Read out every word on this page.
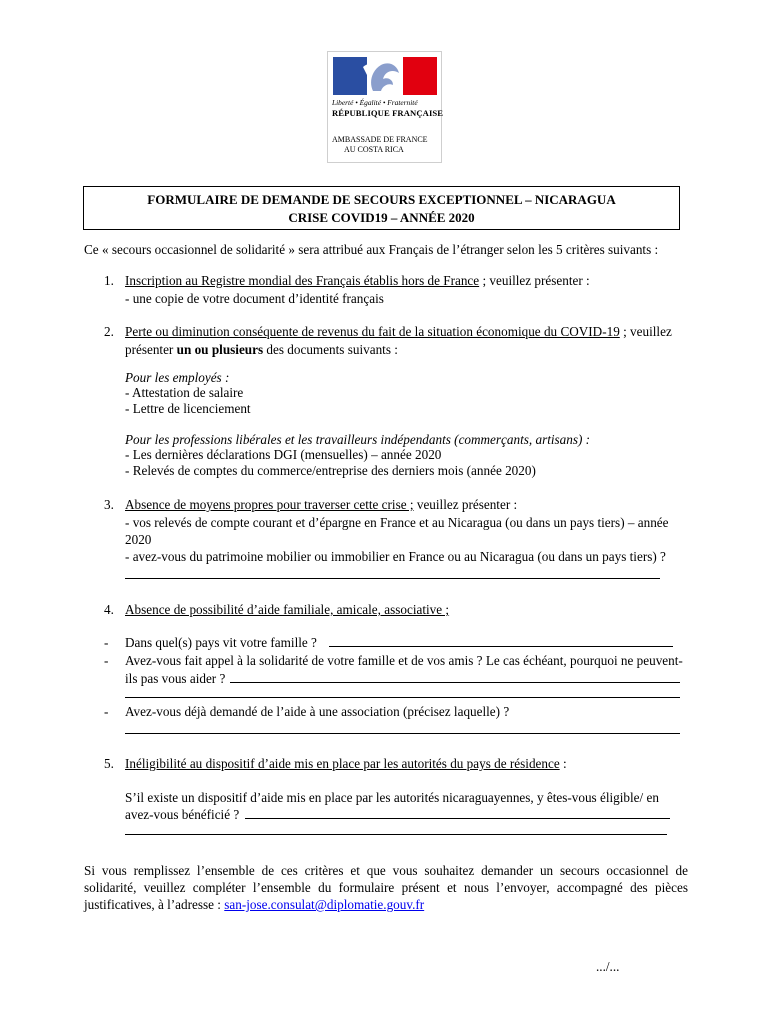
Liberté • Égalité • Fraternité
RÉPUBLIQUE FRANÇAISE
AMBASSADE DE FRANCE
AU COSTA RICA
FORMULAIRE DE DEMANDE DE SECOURS EXCEPTIONNEL – NICARAGUA
CRISE COVID19 – ANNÉE 2020
Ce « secours occasionnel de solidarité » sera attribué aux Français de l’étranger selon les 5 critères suivants :
1. Inscription au Registre mondial des Français établis hors de France ; veuillez présenter :
- une copie de votre document d’identité français
2. Perte ou diminution conséquente de revenus du fait de la situation économique du COVID-19 ; veuillez
présenter un ou plusieurs des documents suivants :
Pour les employés :
- Attestation de salaire
- Lettre de licenciement
Pour les professions libérales et les travailleurs indépendants (commerçants, artisans) :
- Les dernières déclarations DGI (mensuelles) – année 2020
- Relevés de comptes du commerce/entreprise des derniers mois (année 2020)
3. Absence de moyens propres pour traverser cette crise ; veuillez présenter :
- vos relevés de compte courant et d’épargne en France et au Nicaragua (ou dans un pays tiers) – année
2020
- avez-vous du patrimoine mobilier ou immobilier en France ou au Nicaragua (ou dans un pays tiers) ?
4. Absence de possibilité d’aide familiale, amicale, associative ;
- Dans quel(s) pays vit votre famille ?
- Avez-vous fait appel à la solidarité de votre famille et de vos amis ? Le cas échéant, pourquoi ne peuvent-
ils pas vous aider ?
- Avez-vous déjà demandé de l’aide à une association (précisez laquelle) ?
5. Inéligibilité au dispositif d’aide mis en place par les autorités du pays de résidence :
S’il existe un dispositif d’aide mis en place par les autorités nicaraguayennes, y êtes-vous éligible/ en
avez-vous bénéficié ?
Si vous remplissez l’ensemble de ces critères et que vous souhaitez demander un secours occasionnel de solidarité, veuillez compléter l’ensemble du formulaire présent et nous l’envoyer, accompagné des pièces justificatives, à l’adresse : san-jose.consulat@diplomatie.gouv.fr
.../...
